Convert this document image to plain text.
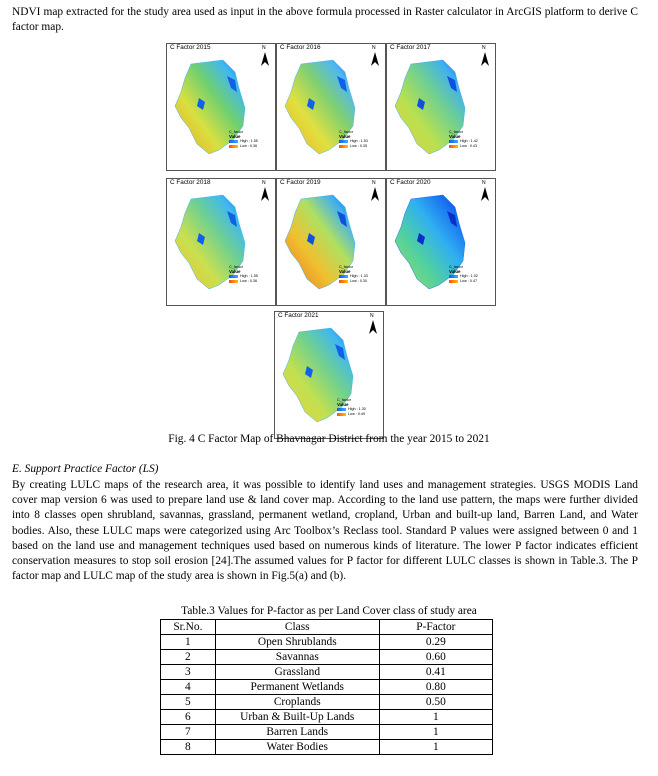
NDVI map extracted for the study area used as input in the above formula processed in Raster calculator in ArcGIS platform to derive C factor map.

C Factor 2015	N
C_factor
Value
High : 1.55
Low : 0.36
C Factor 2016	N
C_factor
Value
High : 1.53
Low : 0.35
C Factor 2017	N
C_factor
Value
High : 1.42
Low : 0.43
C Factor 2018	N
C_factor
Value
High : 1.55
Low : 0.36
C Factor 2019	N
C_factor
Value
High : 1.33
Low : 0.30
C Factor 2020	N
C_factor
Value
High : 1.02
Low : 0.47
C Factor 2021	N
C_factor
Value
High : 1.30
Low : 0.49
Fig. 4 C Factor Map of Bhavnagar District from the year 2015 to 2021
E. Support Practice Factor (LS)

By creating LULC maps of the research area, it was possible to identify land uses and management strategies. USGS MODIS Land cover map version 6 was used to prepare land use & land cover map. According to the land use pattern, the maps were further divided into 8 classes open shrubland, savannas, grassland, permanent wetland, cropland, Urban and built-up land, Barren Land, and Water bodies. Also, these LULC maps were categorized using Arc Toolbox’s Reclass tool. Standard P values were assigned between 0 and 1 based on the land use and management techniques used based on numerous kinds of literature. The lower P factor indicates efficient conservation measures to stop soil erosion [24].The assumed values for P factor for different LULC classes is shown in Table.3. The P factor map and LULC map of the study area is shown in Fig.5(a) and (b).

Table.3 Values for P-factor as per Land Cover class of study area
Sr.No.	Class	P-Factor
1	Open Shrublands	0.29
2	Savannas	0.60
3	Grassland	0.41
4	Permanent Wetlands	0.80
5	Croplands	0.50
6	Urban & Built-Up Lands	1
7	Barren Lands	1
8	Water Bodies	1
